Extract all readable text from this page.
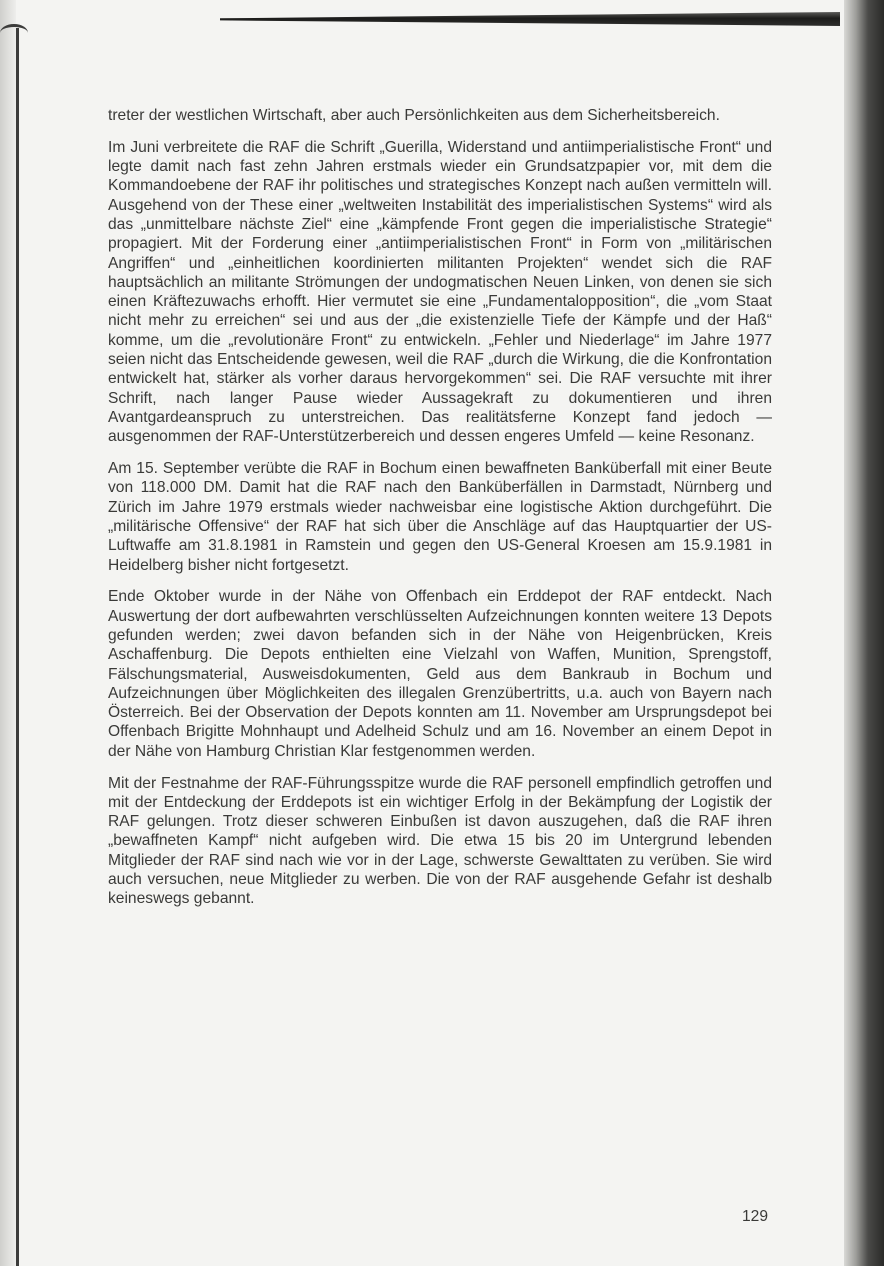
treter der westlichen Wirtschaft, aber auch Persönlichkeiten aus dem Sicherheitsbereich.

Im Juni verbreitete die RAF die Schrift „Guerilla, Widerstand und antiimperialistische Front“ und legte damit nach fast zehn Jahren erstmals wieder ein Grundsatzpapier vor, mit dem die Kommandoebene der RAF ihr politisches und strategisches Konzept nach außen vermitteln will. Ausgehend von der These einer „weltweiten Instabilität des imperialistischen Systems“ wird als das „unmittelbare nächste Ziel“ eine „kämpfende Front gegen die imperialistische Strategie“ propagiert. Mit der Forderung einer „antiimperialistischen Front“ in Form von „militärischen Angriffen“ und „einheitlichen koordinierten militanten Projekten“ wendet sich die RAF hauptsächlich an militante Strömungen der undogmatischen Neuen Linken, von denen sie sich einen Kräftezuwachs erhofft. Hier vermutet sie eine „Fundamentalopposition“, die „vom Staat nicht mehr zu erreichen“ sei und aus der „die existenzielle Tiefe der Kämpfe und der Haß“ komme, um die „revolutionäre Front“ zu entwickeln. „Fehler und Niederlage“ im Jahre 1977 seien nicht das Entscheidende gewesen, weil die RAF „durch die Wirkung, die die Konfrontation entwickelt hat, stärker als vorher daraus hervorgekommen“ sei. Die RAF versuchte mit ihrer Schrift, nach langer Pause wieder Aussagekraft zu dokumentieren und ihren Avantgardeanspruch zu unterstreichen. Das realitätsferne Konzept fand jedoch — ausgenommen der RAF-Unterstützerbereich und dessen engeres Umfeld — keine Resonanz.

Am 15. September verübte die RAF in Bochum einen bewaffneten Banküberfall mit einer Beute von 118.000 DM. Damit hat die RAF nach den Banküberfällen in Darmstadt, Nürnberg und Zürich im Jahre 1979 erstmals wieder nachweisbar eine logistische Aktion durchgeführt. Die „militärische Offensive“ der RAF hat sich über die Anschläge auf das Hauptquartier der US-Luftwaffe am 31.8.1981 in Ramstein und gegen den US-General Kroesen am 15.9.1981 in Heidelberg bisher nicht fortgesetzt.

Ende Oktober wurde in der Nähe von Offenbach ein Erddepot der RAF entdeckt. Nach Auswertung der dort aufbewahrten verschlüsselten Aufzeichnungen konnten weitere 13 Depots gefunden werden; zwei davon befanden sich in der Nähe von Heigenbrücken, Kreis Aschaffenburg. Die Depots enthielten eine Vielzahl von Waffen, Munition, Sprengstoff, Fälschungsmaterial, Ausweisdokumenten, Geld aus dem Bankraub in Bochum und Aufzeichnungen über Möglichkeiten des illegalen Grenzübertritts, u.a. auch von Bayern nach Österreich. Bei der Observation der Depots konnten am 11. November am Ursprungsdepot bei Offenbach Brigitte Mohnhaupt und Adelheid Schulz und am 16. November an einem Depot in der Nähe von Hamburg Christian Klar festgenommen werden.

Mit der Festnahme der RAF-Führungsspitze wurde die RAF personell empfindlich getroffen und mit der Entdeckung der Erddepots ist ein wichtiger Erfolg in der Bekämpfung der Logistik der RAF gelungen. Trotz dieser schweren Einbußen ist davon auszugehen, daß die RAF ihren „bewaffneten Kampf“ nicht aufgeben wird. Die etwa 15 bis 20 im Untergrund lebenden Mitglieder der RAF sind nach wie vor in der Lage, schwerste Gewalttaten zu verüben. Sie wird auch versuchen, neue Mitglieder zu werben. Die von der RAF ausgehende Gefahr ist deshalb keineswegs gebannt.

129
